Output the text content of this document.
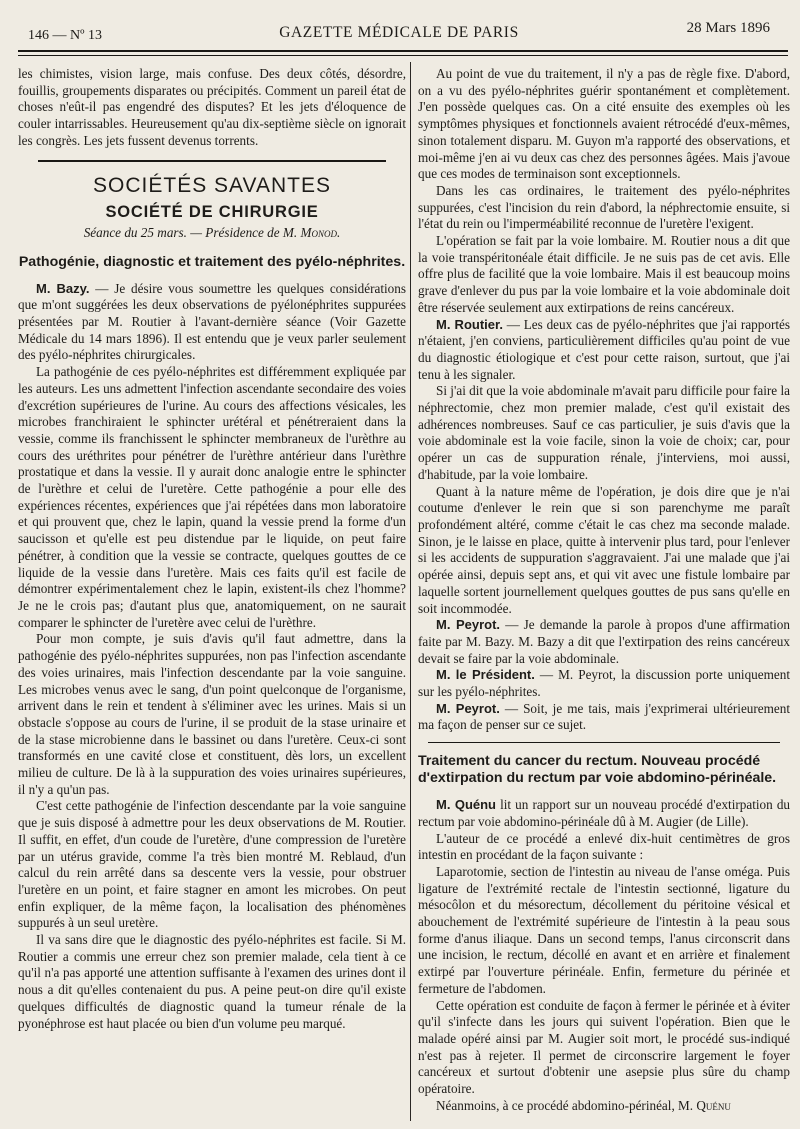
146 — Nº 13	GAZETTE MÉDICALE DE PARIS	28 Mars 1896

les chimistes, vision large, mais confuse. Des deux côtés, désordre, fouillis, groupements disparates ou précipités. Comment un pareil état de choses n'eût-il pas engendré des disputes? Et les jets d'éloquence de couler intarrissables. Heureusement qu'au dix-septième siècle on ignorait les congrès. Les jets fussent devenus torrents.

SOCIÉTÉS SAVANTES
SOCIÉTÉ DE CHIRURGIE
Séance du 25 mars. — Présidence de M. Monod.
Pathogénie, diagnostic et traitement des pyélo-néphrites.

M. Bazy. — Je désire vous soumettre les quelques considérations que m'ont suggérées les deux observations de pyélonéphrites suppurées présentées par M. Routier à l'avant-dernière séance (Voir Gazette Médicale du 14 mars 1896). Il est entendu que je veux parler seulement des pyélo-néphrites chirurgicales.

La pathogénie de ces pyélo-néphrites est différemment expliquée par les auteurs. Les uns admettent l'infection ascendante secondaire des voies d'excrétion supérieures de l'urine. Au cours des affections vésicales, les microbes franchiraient le sphincter urétéral et pénétreraient dans la vessie, comme ils franchissent le sphincter membraneux de l'urèthre au cours des uréthrites pour pénétrer de l'urèthre antérieur dans l'urèthre prostatique et dans la vessie. Il y aurait donc analogie entre le sphincter de l'urèthre et celui de l'uretère. Cette pathogénie a pour elle des expériences récentes, expériences que j'ai répétées dans mon laboratoire et qui prouvent que, chez le lapin, quand la vessie prend la forme d'un saucisson et qu'elle est peu distendue par le liquide, on peut faire pénétrer, à condition que la vessie se contracte, quelques gouttes de ce liquide de la vessie dans l'uretère. Mais ces faits qu'il est facile de démontrer expérimentalement chez le lapin, existent-ils chez l'homme? Je ne le crois pas; d'autant plus que, anatomiquement, on ne saurait comparer le sphincter de l'uretère avec celui de l'urèthre.

Pour mon compte, je suis d'avis qu'il faut admettre, dans la pathogénie des pyélo-néphrites suppurées, non pas l'infection ascendante des voies urinaires, mais l'infection descendante par la voie sanguine. Les microbes venus avec le sang, d'un point quelconque de l'organisme, arrivent dans le rein et tendent à s'éliminer avec les urines. Mais si un obstacle s'oppose au cours de l'urine, il se produit de la stase urinaire et de la stase microbienne dans le bassinet ou dans l'uretère. Ceux-ci sont transformés en une cavité close et constituent, dès lors, un excellent milieu de culture. De là à la suppuration des voies urinaires supérieures, il n'y a qu'un pas.

C'est cette pathogénie de l'infection descendante par la voie sanguine que je suis disposé à admettre pour les deux observations de M. Routier. Il suffit, en effet, d'un coude de l'uretère, d'une compression de l'uretère par un utérus gravide, comme l'a très bien montré M. Reblaud, d'un calcul du rein arrêté dans sa descente vers la vessie, pour obstruer l'uretère en un point, et faire stagner en amont les microbes. On peut enfin expliquer, de la même façon, la localisation des phénomènes suppurés à un seul uretère.

Il va sans dire que le diagnostic des pyélo-néphrites est facile. Si M. Routier a commis une erreur chez son premier malade, cela tient à ce qu'il n'a pas apporté une attention suffisante à l'examen des urines dont il nous a dit qu'elles contenaient du pus. A peine peut-on dire qu'il existe quelques difficultés de diagnostic quand la tumeur rénale de la pyonéphrose est haut placée ou bien d'un volume peu marqué.

Au point de vue du traitement, il n'y a pas de règle fixe. D'abord, on a vu des pyélo-néphrites guérir spontanément et complètement. J'en possède quelques cas. On a cité ensuite des exemples où les symptômes physiques et fonctionnels avaient rétrocédé d'eux-mêmes, sinon totalement disparu. M. Guyon m'a rapporté des observations, et moi-même j'en ai vu deux cas chez des personnes âgées. Mais j'avoue que ces modes de terminaison sont exceptionnels.

Dans les cas ordinaires, le traitement des pyélo-néphrites suppurées, c'est l'incision du rein d'abord, la néphrectomie ensuite, si l'état du rein ou l'imperméabilité reconnue de l'uretère l'exigent.

L'opération se fait par la voie lombaire. M. Routier nous a dit que la voie transpéritonéale était difficile. Je ne suis pas de cet avis. Elle offre plus de facilité que la voie lombaire. Mais il est beaucoup moins grave d'enlever du pus par la voie lombaire et la voie abdominale doit être réservée seulement aux extirpations de reins cancéreux.

M. Routier. — Les deux cas de pyélo-néphrites que j'ai rapportés n'étaient, j'en conviens, particulièrement difficiles qu'au point de vue du diagnostic étiologique et c'est pour cette raison, surtout, que j'ai tenu à les signaler.

Si j'ai dit que la voie abdominale m'avait paru difficile pour faire la néphrectomie, chez mon premier malade, c'est qu'il existait des adhérences nombreuses. Sauf ce cas particulier, je suis d'avis que la voie abdominale est la voie facile, sinon la voie de choix; car, pour opérer un cas de suppuration rénale, j'interviens, moi aussi, d'habitude, par la voie lombaire.

Quant à la nature même de l'opération, je dois dire que je n'ai coutume d'enlever le rein que si son parenchyme me paraît profondément altéré, comme c'était le cas chez ma seconde malade. Sinon, je le laisse en place, quitte à intervenir plus tard, pour l'enlever si les accidents de suppuration s'aggravaient. J'ai une malade que j'ai opérée ainsi, depuis sept ans, et qui vit avec une fistule lombaire par laquelle sortent journellement quelques gouttes de pus sans qu'elle en soit incommodée.

M. Peyrot. — Je demande la parole à propos d'une affirmation faite par M. Bazy. M. Bazy a dit que l'extirpation des reins cancéreux devait se faire par la voie abdominale.

M. le Président. — M. Peyrot, la discussion porte uniquement sur les pyélo-néphrites.

M. Peyrot. — Soit, je me tais, mais j'exprimerai ultérieurement ma façon de penser sur ce sujet.

Traitement du cancer du rectum. Nouveau procédé d'extirpation du rectum par voie abdomino-périnéale.

M. Quénu lit un rapport sur un nouveau procédé d'extirpation du rectum par voie abdomino-périnéale dû à M. Augier (de Lille).

L'auteur de ce procédé a enlevé dix-huit centimètres de gros intestin en procédant de la façon suivante :

Laparotomie, section de l'intestin au niveau de l'anse oméga. Puis ligature de l'extrémité rectale de l'intestin sectionné, ligature du mésocôlon et du mésorectum, décollement du péritoine vésical et abouchement de l'extrémité supérieure de l'intestin à la peau sous forme d'anus iliaque. Dans un second temps, l'anus circonscrit dans une incision, le rectum, décollé en avant et en arrière et finalement extirpé par l'ouverture périnéale. Enfin, fermeture du périnée et fermeture de l'abdomen.

Cette opération est conduite de façon à fermer le périnée et à éviter qu'il s'infecte dans les jours qui suivent l'opération. Bien que le malade opéré ainsi par M. Augier soit mort, le procédé sus-indiqué n'est pas à rejeter. Il permet de circonscrire largement le foyer cancéreux et surtout d'obtenir une asepsie plus sûre du champ opératoire.

Néanmoins, à ce procédé abdomino-périnéal, M. Quénu
